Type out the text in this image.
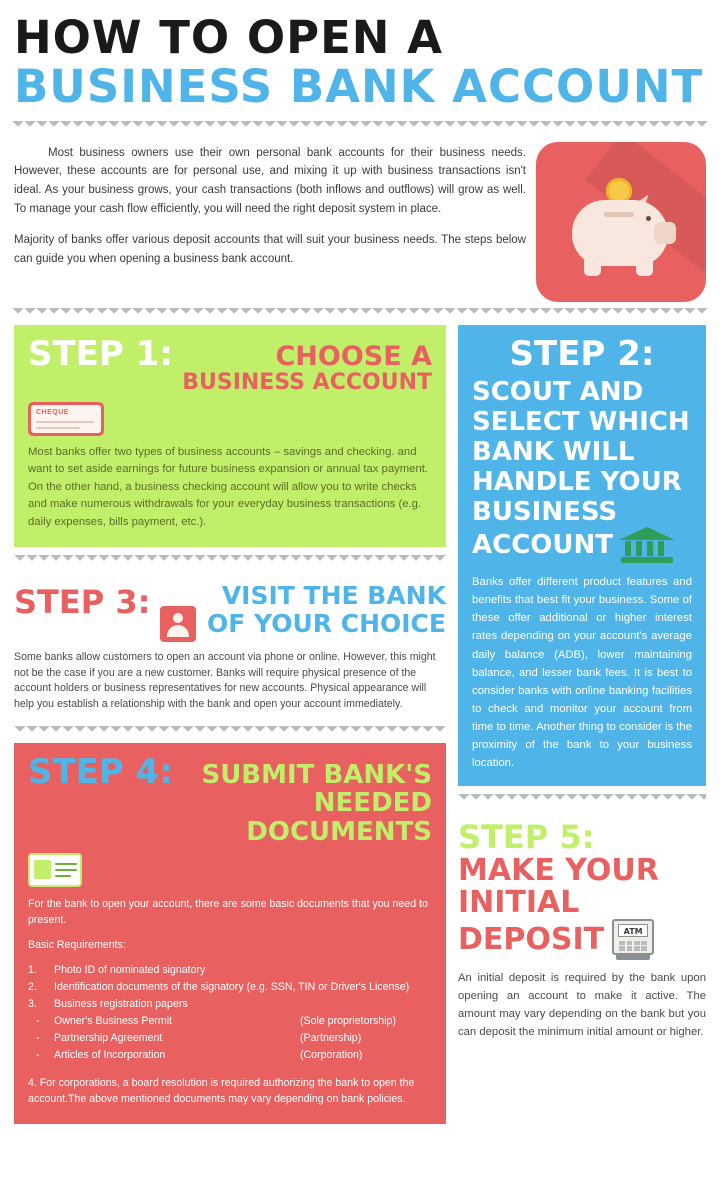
HOW TO OPEN A
BUSINESS BANK ACCOUNT

Most business owners use their own personal bank accounts for their business needs. However, these accounts are for personal use, and mixing it up with business transactions isn't ideal. As your business grows, your cash transactions (both inflows and outflows) will grow as well. To manage your cash flow efficiently, you will need the right deposit system in place.

Majority of banks offer various deposit accounts that will suit your business needs. The steps below can guide you when opening a business bank account.

STEP 1:	CHOOSE A
BUSINESS ACCOUNT
CHEQUE
Most banks offer two types of business accounts – savings and checking. and want to set aside earnings for future business expansion or annual tax payment. On the other hand, a business checking account will allow you to write checks and make numerous withdrawals for your everyday business transactions (e.g. daily expenses, bills payment, etc.).
STEP 3:	VISIT THE BANK
OF YOUR CHOICE
Some banks allow customers to open an account via phone or online. However, this might not be the case if you are a new customer. Banks will require physical presence of the account holders or business representatives for new accounts. Physical appearance will help you establish a relationship with the bank and open your account immediately.
STEP 4:	SUBMIT BANK'S
NEEDED DOCUMENTS

For the bank to open your account, there are some basic documents that you need to present.

Basic Requirements:

1.	Photo ID of nominated signatory
2.	Identification documents of the signatory (e.g. SSN, TIN or Driver's License)
3.	Business registration papers
-	Owner's Business Permit	(Sole proprietorship)
-	Partnership Agreement	(Partnership)
-	Articles of Incorporation	(Corporation)

4. For corporations, a board resolution is required authorizing the bank to open the account.The above mentioned documents may vary depending on bank policies.

STEP 2:
SCOUT AND
SELECT WHICH
BANK WILL
HANDLE YOUR
BUSINESS
ACCOUNT
Banks offer different product features and benefits that best fit your business. Some of these offer additional or higher interest rates depending on your account's average daily balance (ADB), lower maintaining balance, and lesser bank fees. It is best to consider banks with online banking facilities to check and monitor your account from time to time. Another thing to consider is the proximity of the bank to your business location.
STEP 5:
MAKE YOUR
INITIAL
DEPOSIT	ATM
An initial deposit is required by the bank upon opening an account to make it active. The amount may vary depending on the bank but you can deposit the minimum initial amount or higher.
